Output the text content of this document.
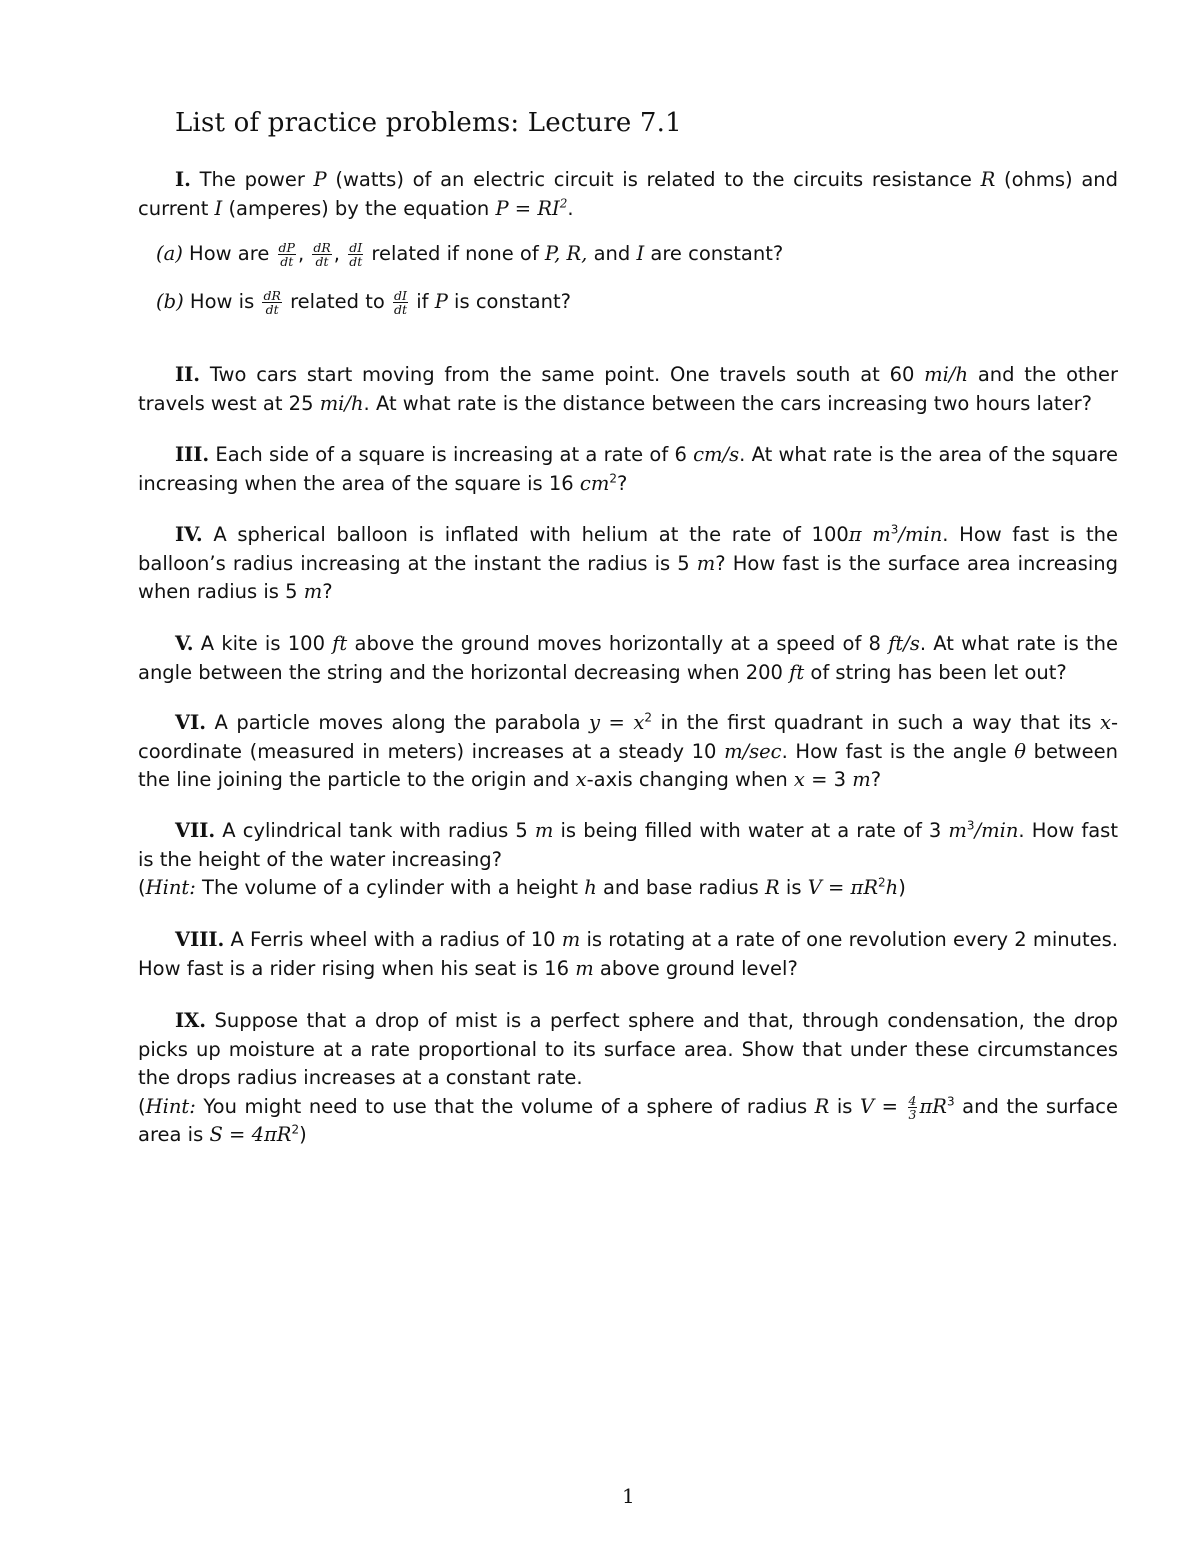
List of practice problems: Lecture 7.1

I. The power P (watts) of an electric circuit is related to the circuits resistance R (ohms) and current I (amperes) by the equation $P = RI^2$.

(a) How are $\frac{dP}{dt}$ , $\frac{dR}{dt}$ , $\frac{dI}{dt}$ related if none of P, R, and I are constant?

(b) How is $\frac{dR}{dt}$ related to $\frac{dI}{dt}$ if P is constant?

II. Two cars start moving from the same point. One travels south at 60 mi/h and the other travels west at 25 mi/h. At what rate is the distance between the cars increasing two hours later?

III. Each side of a square is increasing at a rate of 6 cm/s. At what rate is the area of the square increasing when the area of the square is 16 $cm^2$?

IV. A spherical balloon is inflated with helium at the rate of 100π $m^3/\min$. How fast is the balloon’s radius increasing at the instant the radius is 5 m? How fast is the surface area increasing when radius is 5 m?

V. A kite is 100 ft above the ground moves horizontally at a speed of 8 ft/s. At what rate is the angle between the string and the horizontal decreasing when 200 ft of string has been let out?

VI. A particle moves along the parabola $y = x^2$ in the first quadrant in such a way that its x-coordinate (measured in meters) increases at a steady 10 m/sec. How fast is the angle θ between the line joining the particle to the origin and x-axis changing when x = 3 m?

VII. A cylindrical tank with radius 5 m is being filled with water at a rate of 3 $m^3/\min$. How fast is the height of the water increasing?

(Hint: The volume of a cylinder with a height h and base radius R is $V = \pi R^2h$)

VIII. A Ferris wheel with a radius of 10 m is rotating at a rate of one revolution every 2 minutes. How fast is a rider rising when his seat is 16 m above ground level?

IX. Suppose that a drop of mist is a perfect sphere and that, through condensation, the drop picks up moisture at a rate proportional to its surface area. Show that under these circumstances the drops radius increases at a constant rate.

(Hint: You might need to use that the volume of a sphere of radius R is $V = \frac{4}{3} \pi R^3$ and the surface area is $S = 4\pi R^2$)

1
